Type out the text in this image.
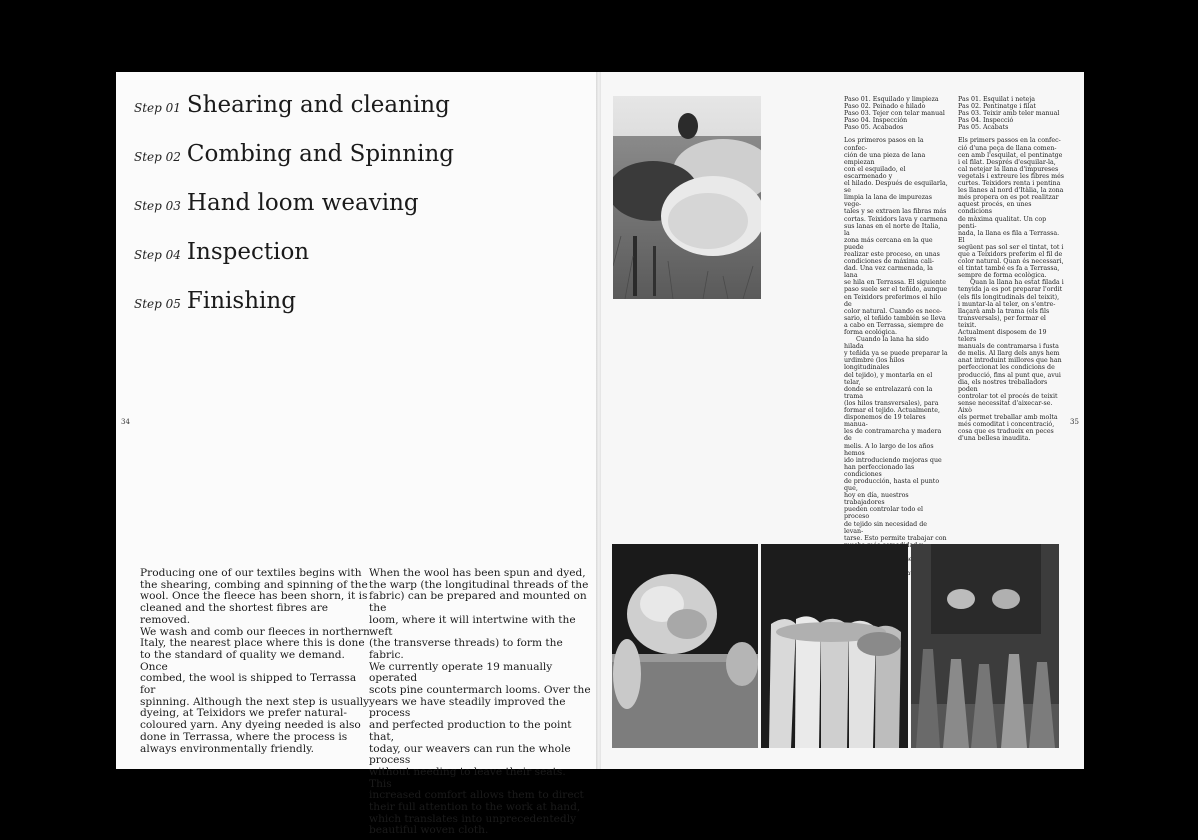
Step 01 Shearing and cleaning
Step 02 Combing and Spinning
Step 03 Hand loom weaving
Step 04 Inspection
Step 05 Finishing
34	35
Producing one of our textiles begins with
the shearing, combing and spinning of the
wool. Once the fleece has been shorn, it is
cleaned and the shortest fibres are removed.
We wash and comb our fleeces in northern
Italy, the nearest place where this is done
to the standard of quality we demand. Once
combed, the wool is shipped to Terrassa for
spinning. Although the next step is usually
dyeing, at Teixidors we prefer natural-
coloured yarn. Any dyeing needed is also
done in Terrassa, where the process is
always environmentally friendly.
When the wool has been spun and dyed,
the warp (the longitudinal threads of the
fabric) can be prepared and mounted on the
loom, where it will intertwine with the weft
(the transverse threads) to form the fabric.
We currently operate 19 manually operated
scots pine countermarch looms. Over the
years we have steadily improved the process
and perfected production to the point that,
today, our weavers can run the whole process
without needing to leave their seats. This
increased comfort allows them to direct
their full attention to the work at hand,
which translates into unprecedentedly
beautiful woven cloth.
Paso 01. Esquilado y limpieza
Paso 02. Peinado e hilado
Paso 03. Tejer con telar manual
Paso 04. Inspección
Paso 05. Acabados
Los primeros pasos en la confec-
ción de una pieza de lana empiezan
con el esquilado, el escarmenado y
el hilado. Después de esquilarla, se
limpia la lana de impurezas vege-
tales y se extraen las fibras más
cortas. Teixidors lava y carmena
sus lanas en el norte de Italia, la
zona más cercana en la que puede
realizar este proceso, en unas
condiciones de máxima cali-
dad. Una vez carmenada, la lana
se hila en Terrassa. El siguiente
paso suele ser el teñido, aunque
en Teixidors preferimos el hilo de
color natural. Cuando es nece-
sario, el teñido también se lleva
a cabo en Terrassa, siempre de
forma ecológica.
Cuando la lana ha sido hilada
y teñida ya se puede preparar la
urdimbre (los hilos longitudinales
del tejido), y montarla en el telar,
donde se entrelazará con la trama
(los hilos transversales), para
formar el tejido. Actualmente,
disponemos de 19 telares manua-
les de contramarcha y madera de
melis. A lo largo de los años hemos
ido introduciendo mejoras que
han perfeccionado las condiciones
de producción, hasta el punto que,
hoy en día, nuestros trabajadores
pueden controlar todo el proceso
de tejido sin necesidad de levan-
tarse. Esto permite trabajar con
se
Pas 01. Esquilat i neteja
Pas 02. Pentinatge i filat
Pas 03. Teixir amb teler manual
Pas 04. Inspecció
Pas 05. Acabats
Els primers passos en la confec-
ció d'una peça de llana comen-
cen amb l'esquilat, el pentinatge
i el filat. Després d'esquilar-la,
cal netejar la llana d'impureses
vegetals i extreure les fibres més
curtes. Teixidors renta i pentina
les llanes al nord d'Itàlia, la zona
més propera on es pot realitzar
aquest procés, en unes condicions
de màxima qualitat. Un cop penti-
nada, la llana es fila a Terrassa. El
següent pas sol ser el tintat, tot i
que a Teixidors preferim el fil de
color natural. Quan és necessari,
el tintat també es fa a Terrassa,
sempre de forma ecològica.
Quan la llana ha estat filada i
tenyida ja es pot preparar l'ordit
(els fils longitudinals del teixit),
i muntar-la al teler, on s'entre-
llaçarà amb la trama (els fils
transversals), per formar el teixit.
Actualment disposem de 19 telers
manuals de contramarsa i fusta
de melis. Al llarg dels anys hem
anat introduint millores que han
perfeccionat les condicions de
producció, fins al punt que, avui
dia, els nostres treballadors poden
controlar tot el procés de teixit
sense necessitat d'aixecar-se. Això
els permet treballar amb molta
més comoditat i concentració,
cosa que es tradueix en peces
d'una bellesa inaudita.
